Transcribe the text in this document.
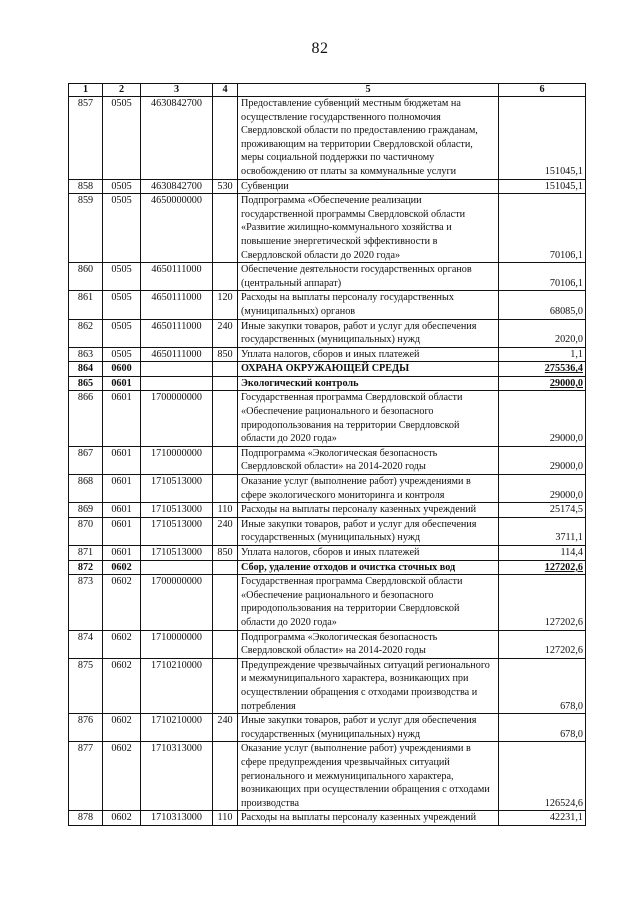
82
1	2	3	4	5	6
857	0505	4630842700		Предоставление субвенций местным бюджетам на осуществление государственного полномочия Свердловской области по предоставлению гражданам, проживающим на территории Свердловской области, меры социальной поддержки по частичному освобождению от платы за коммунальные услуги	151045,1
858	0505	4630842700	530	Субвенции	151045,1
859	0505	4650000000		Подпрограмма «Обеспечение реализации государственной программы Свердловской области «Развитие жилищно-коммунального хозяйства и повышение энергетической эффективности в Свердловской области до 2020 года»	70106,1
860	0505	4650111000		Обеспечение деятельности государственных органов (центральный аппарат)	70106,1
861	0505	4650111000	120	Расходы на выплаты персоналу государственных (муниципальных) органов	68085,0
862	0505	4650111000	240	Иные закупки товаров, работ и услуг для обеспечения государственных (муниципальных) нужд	2020,0
863	0505	4650111000	850	Уплата налогов, сборов и иных платежей	1,1
864	0600			ОХРАНА ОКРУЖАЮЩЕЙ СРЕДЫ	275536,4
865	0601			Экологический контроль	29000,0
866	0601	1700000000		Государственная программа Свердловской области «Обеспечение рационального и безопасного природопользования на территории Свердловской области до 2020 года»	29000,0
867	0601	1710000000		Подпрограмма «Экологическая безопасность Свердловской области» на 2014-2020 годы	29000,0
868	0601	1710513000		Оказание услуг (выполнение работ) учреждениями в сфере экологического мониторинга и контроля	29000,0
869	0601	1710513000	110	Расходы на выплаты персоналу казенных учреждений	25174,5
870	0601	1710513000	240	Иные закупки товаров, работ и услуг для обеспечения государственных (муниципальных) нужд	3711,1
871	0601	1710513000	850	Уплата налогов, сборов и иных платежей	114,4
872	0602			Сбор, удаление отходов и очистка сточных вод	127202,6
873	0602	1700000000		Государственная программа Свердловской области «Обеспечение рационального и безопасного природопользования на территории Свердловской области до 2020 года»	127202,6
874	0602	1710000000		Подпрограмма «Экологическая безопасность Свердловской области» на 2014-2020 годы	127202,6
875	0602	1710210000		Предупреждение чрезвычайных ситуаций регионального и межмуниципального характера, возникающих при осуществлении обращения с отходами производства и потребления	678,0
876	0602	1710210000	240	Иные закупки товаров, работ и услуг для обеспечения государственных (муниципальных) нужд	678,0
877	0602	1710313000		Оказание услуг (выполнение работ) учреждениями в сфере предупреждения чрезвычайных ситуаций регионального и межмуниципального характера, возникающих при осуществлении обращения с отходами производства	126524,6
878	0602	1710313000	110	Расходы на выплаты персоналу казенных учреждений	42231,1
